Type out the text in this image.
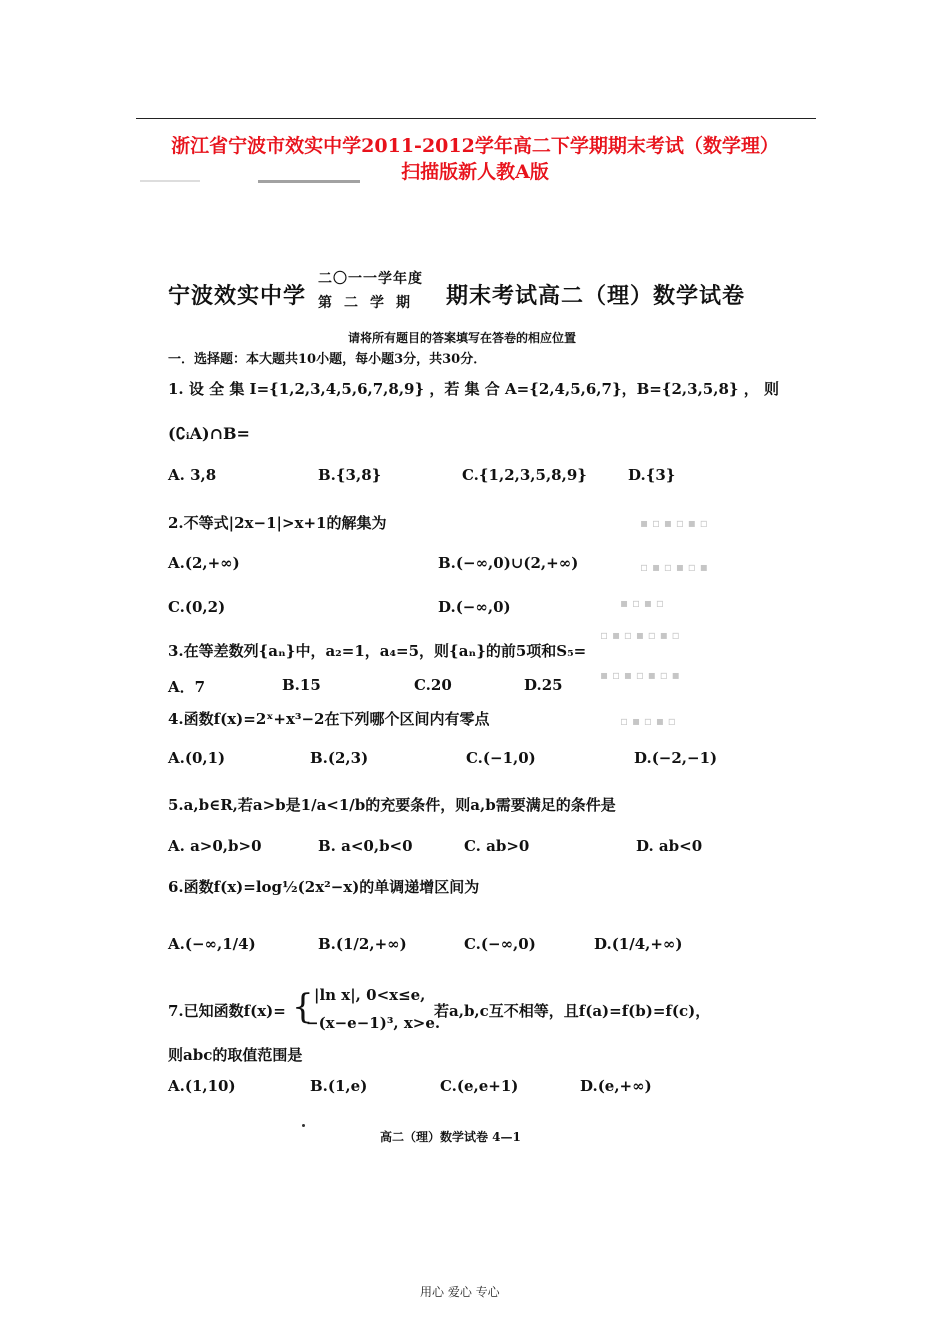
浙江省宁波市效实中学2011-2012学年高二下学期期末考试（数学理）
扫描版新人教A版
宁波效实中学
二〇一一学年度
第二学期 期末考试高二（理）数学试卷
请将所有题目的答案填写在答卷的相应位置
一．选择题：本大题共10小题，每小题3分，共30分．
1. 设 全 集 I={1,2,3,4,5,6,7,8,9} ，若 集 合 A={2,4,5,6,7}，B={2,3,5,8} ， 则
(∁ᵢA)∩B=
A. 3,8	B.{3,8}	C.{1,2,3,5,8,9}	D.{3}
2.不等式|2x−1|>x+1的解集为
A.(2,+∞)	B.(−∞,0)∪(2,+∞)
C.(0,2)	D.(−∞,0)
▪ ▫ ▪ ▫ ▪ ▫
▫ ▪ ▫ ▪ ▫ ▪
▪ ▫ ▪ ▫
▫ ▪ ▫ ▪ ▫ ▪ ▫
▪ ▫ ▪ ▫ ▪ ▫ ▪
▫ ▪ ▫ ▪ ▫
3.在等差数列{aₙ}中，a₂=1，a₄=5，则{aₙ}的前5项和S₅=
A．7	B.15	C.20	D.25
4.函数f(x)=2ˣ+x³−2在下列哪个区间内有零点
A.(0,1)	B.(2,3)	C.(−1,0)	D.(−2,−1)
5.a,b∈R,若a>b是1/a<1/b的充要条件，则a,b需要满足的条件是
A. a>0,b>0	B. a<0,b<0	C. ab>0	D. ab<0
6.函数f(x)=log½(2x²−x)的单调递增区间为
A.(−∞,1/4)	B.(1/2,+∞)	C.(−∞,0)	D.(1/4,+∞)
7.已知函数f(x)= { |ln x|, 0<x≤e,
−(x−e−1)³, x>e.
若a,b,c互不相等，且f(a)=f(b)=f(c)，
则abc的取值范围是
A.(1,10)	B.(1,e)	C.(e,e+1)	D.(e,+∞)
高二（理）数学试卷 4—1
用心 爱心 专心
